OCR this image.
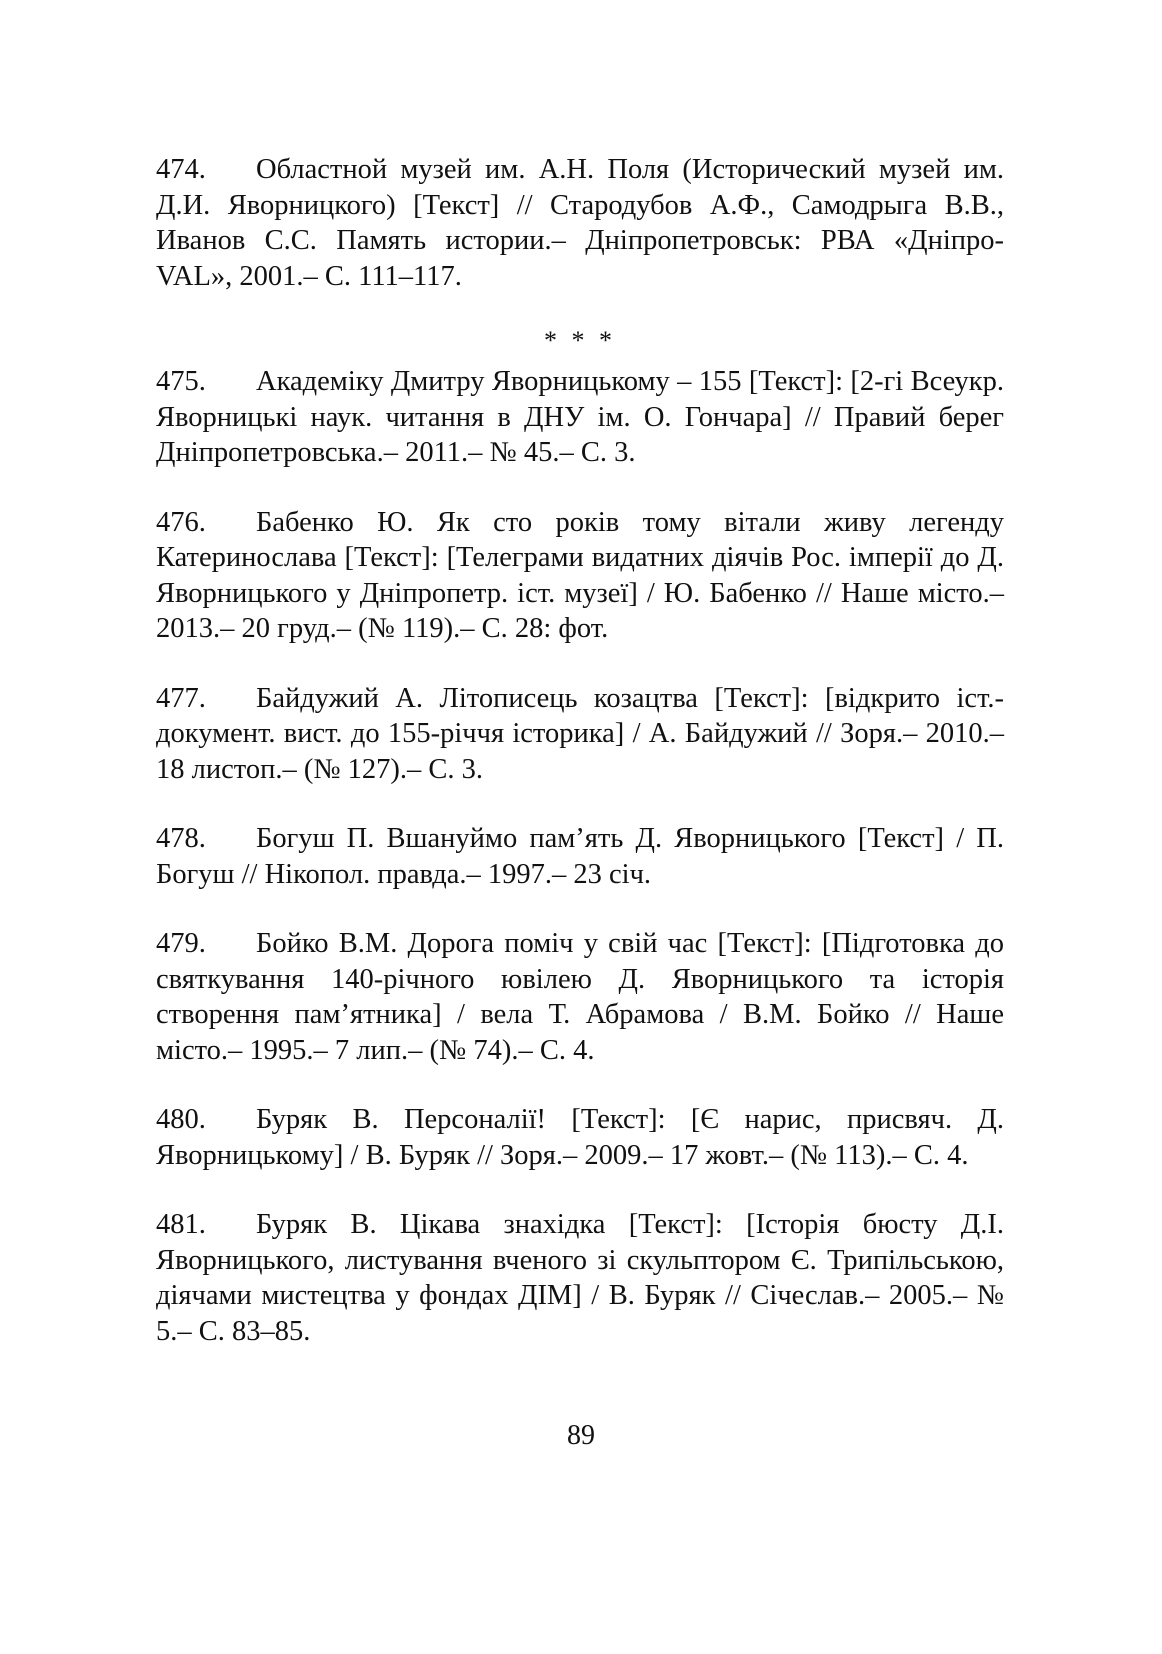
474. Областной музей им. А.Н. Поля (Исторический музей им. Д.И. Яворницкого) [Текст] // Стародубов А.Ф., Самодрыга В.В., Иванов С.С. Память истории.– Дніпропетровськ: РВА «Дніпро-VAL», 2001.– С. 111–117.

* * *

475. Академіку Дмитру Яворницькому – 155 [Текст]: [2-гі Всеукр. Яворницькі наук. читання в ДНУ ім. О. Гончара] // Правий берег Дніпропетровська.– 2011.– № 45.– С. 3.

476. Бабенко Ю. Як сто років тому вітали живу легенду Катеринослава [Текст]: [Телеграми видатних діячів Рос. імперії до Д. Яворницького у Дніпропетр. іст. музеї] / Ю. Бабенко // Наше місто.– 2013.– 20 груд.– (№ 119).– С. 28: фот.

477. Байдужий А. Літописець козацтва [Текст]: [відкрито іст.-документ. вист. до 155-річчя історика] / А. Байдужий // Зоря.– 2010.– 18 листоп.– (№ 127).– С. 3.

478. Богуш П. Вшануймо пам’ять Д. Яворницького [Текст] / П. Богуш // Нікопол. правда.– 1997.– 23 січ.

479. Бойко В.М. Дорога поміч у свій час [Текст]: [Підготовка до святкування 140-річного ювілею Д. Яворницького та історія створення пам’ятника] / вела Т. Абрамова / В.М. Бойко // Наше місто.– 1995.– 7 лип.– (№ 74).– С. 4.

480. Буряк В. Персоналії! [Текст]: [Є нарис, присвяч. Д. Яворницькому] / В. Буряк // Зоря.– 2009.– 17 жовт.– (№ 113).– С. 4.

481. Буряк В. Цікава знахідка [Текст]: [Історія бюсту Д.І. Яворницького, листування вченого зі скульптором Є. Трипільською, діячами мистецтва у фондах ДІМ] / В. Буряк // Січеслав.– 2005.– № 5.– С. 83–85.

89
